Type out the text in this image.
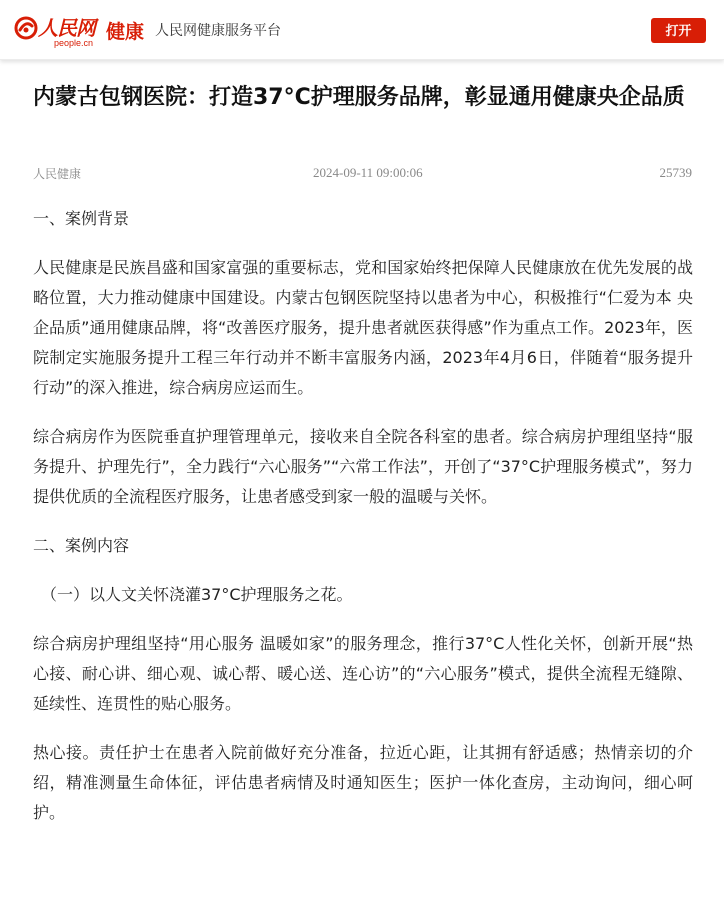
人民网
people.cn 健康 人民网健康服务平台	打开
内蒙古包钢医院：打造37°C护理服务品牌，彰显通用健康央企品质
人民健康	2024-09-11 09:00:06	25739

一、案例背景

人民健康是民族昌盛和国家富强的重要标志，党和国家始终把保障人民健康放在优先发展的战略位置，大力推动健康中国建设。内蒙古包钢医院坚持以患者为中心，积极推行“仁爱为本 央企品质”通用健康品牌，将“改善医疗服务，提升患者就医获得感”作为重点工作。2023年，医院制定实施服务提升工程三年行动并不断丰富服务内涵，2023年4月6日，伴随着“服务提升行动”的深入推进，综合病房应运而生。

综合病房作为医院垂直护理管理单元，接收来自全院各科室的患者。综合病房护理组坚持“服务提升、护理先行”，全力践行“六心服务”“六常工作法”，开创了“37°C护理服务模式”，努力提供优质的全流程医疗服务，让患者感受到家一般的温暖与关怀。

二、案例内容

（一）以人文关怀浇灌37°C护理服务之花。

综合病房护理组坚持“用心服务 温暖如家”的服务理念，推行37°C人性化关怀，创新开展“热心接、耐心讲、细心观、诚心帮、暖心送、连心访”的“六心服务”模式，提供全流程无缝隙、延续性、连贯性的贴心服务。

热心接。责任护士在患者入院前做好充分准备，拉近心距，让其拥有舒适感；热情亲切的介绍，精准测量生命体征，评估患者病情及时通知医生；医护一体化查房，主动询问，细心呵护。
